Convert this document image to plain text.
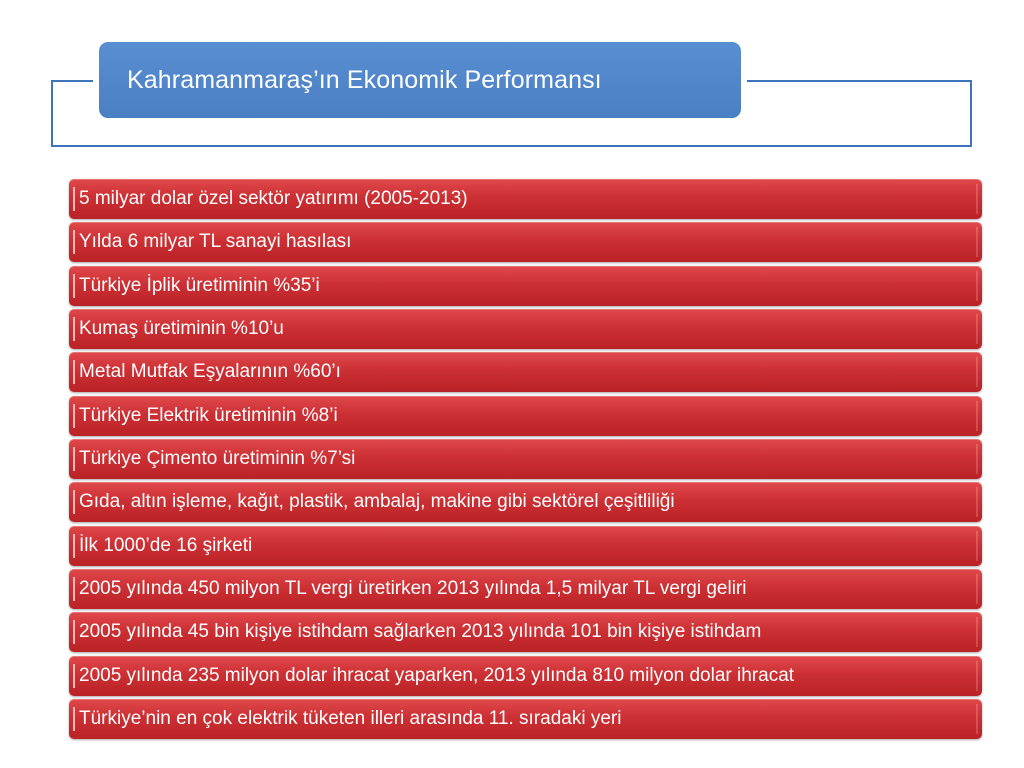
Kahramanmaraş’ın Ekonomik Performansı
5 milyar dolar özel sektör yatırımı (2005-2013)
Yılda 6 milyar TL sanayi hasılası
Türkiye İplik üretiminin %35’i
Kumaş üretiminin %10’u
Metal Mutfak Eşyalarının %60’ı
Türkiye Elektrik üretiminin %8’i
Türkiye Çimento üretiminin %7’si
Gıda, altın işleme, kağıt, plastik, ambalaj, makine gibi sektörel çeşitliliği
İlk 1000’de 16 şirketi
2005 yılında 450 milyon TL vergi üretirken 2013 yılında 1,5 milyar TL vergi geliri
2005 yılında 45 bin kişiye istihdam sağlarken 2013 yılında 101 bin kişiye istihdam
2005 yılında 235 milyon dolar ihracat yaparken, 2013 yılında 810 milyon dolar ihracat
Türkiye’nin en çok elektrik tüketen illeri arasında 11. sıradaki yeri
